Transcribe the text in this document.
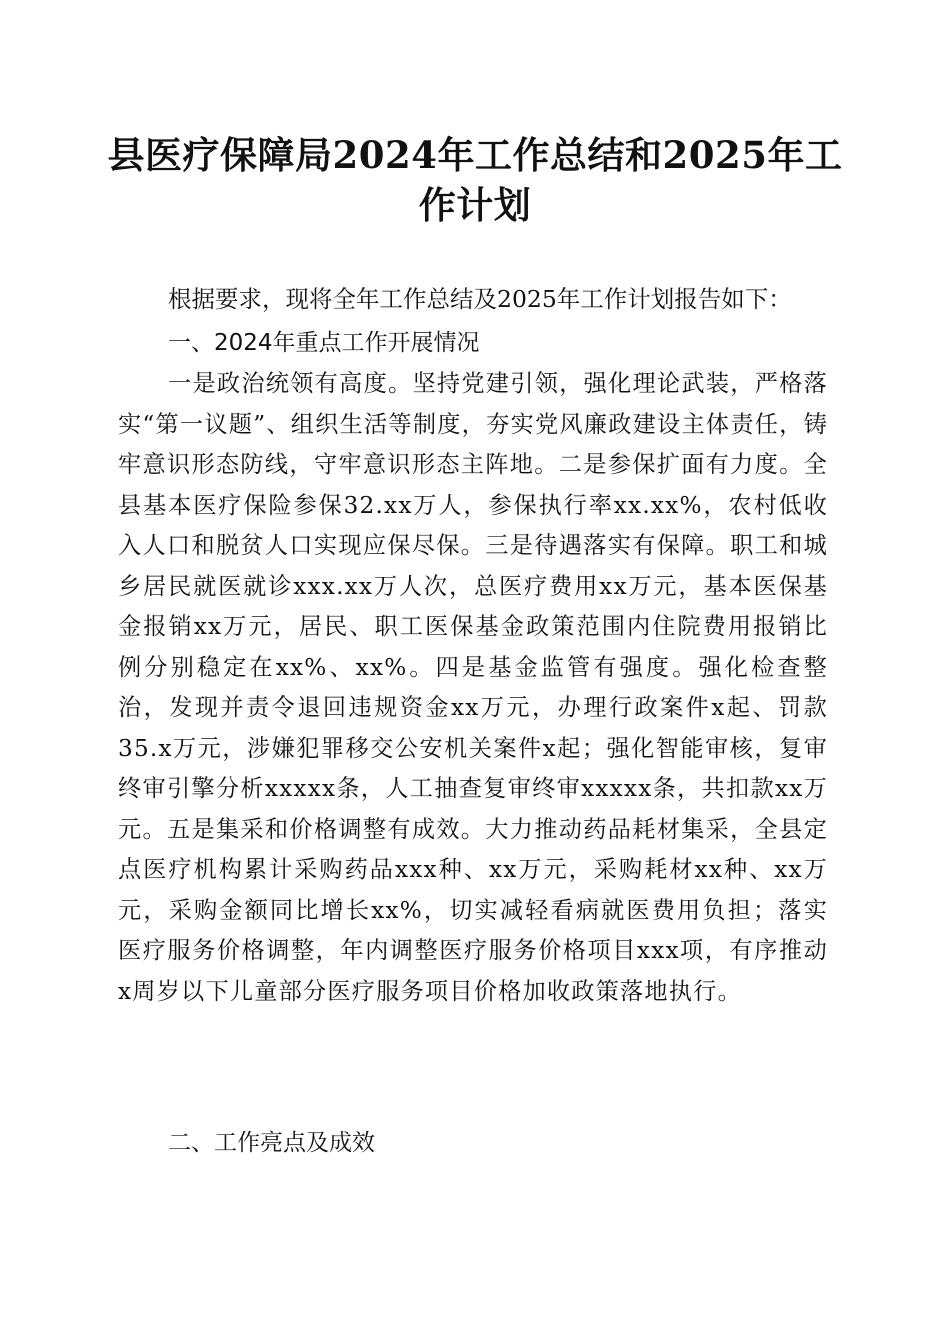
县医疗保障局2024年工作总结和2025年工作计划

根据要求，现将全年工作总结及2025年工作计划报告如下：

一、2024年重点工作开展情况

一是政治统领有高度。坚持党建引领，强化理论武装，严格落实“第一议题”、组织生活等制度，夯实党风廉政建设主体责任，铸牢意识形态防线，守牢意识形态主阵地。二是参保扩面有力度。全县基本医疗保险参保32.xx万人，参保执行率xx.xx%，农村低收入人口和脱贫人口实现应保尽保。三是待遇落实有保障。职工和城乡居民就医就诊xxx.xx万人次，总医疗费用xx万元，基本医保基金报销xx万元，居民、职工医保基金政策范围内住院费用报销比例分别稳定在xx%、xx%。四是基金监管有强度。强化检查整治，发现并责令退回违规资金xx万元，办理行政案件x起、罚款35.x万元，涉嫌犯罪移交公安机关案件x起；强化智能审核，复审终审引擎分析xxxxx条，人工抽查复审终审xxxxx条，共扣款xx万元。五是集采和价格调整有成效。大力推动药品耗材集采，全县定点医疗机构累计采购药品xxx种、xx万元，采购耗材xx种、xx万元，采购金额同比增长xx%，切实减轻看病就医费用负担；落实医疗服务价格调整，年内调整医疗服务价格项目xxx项，有序推动x周岁以下儿童部分医疗服务项目价格加收政策落地执行。

二、工作亮点及成效
